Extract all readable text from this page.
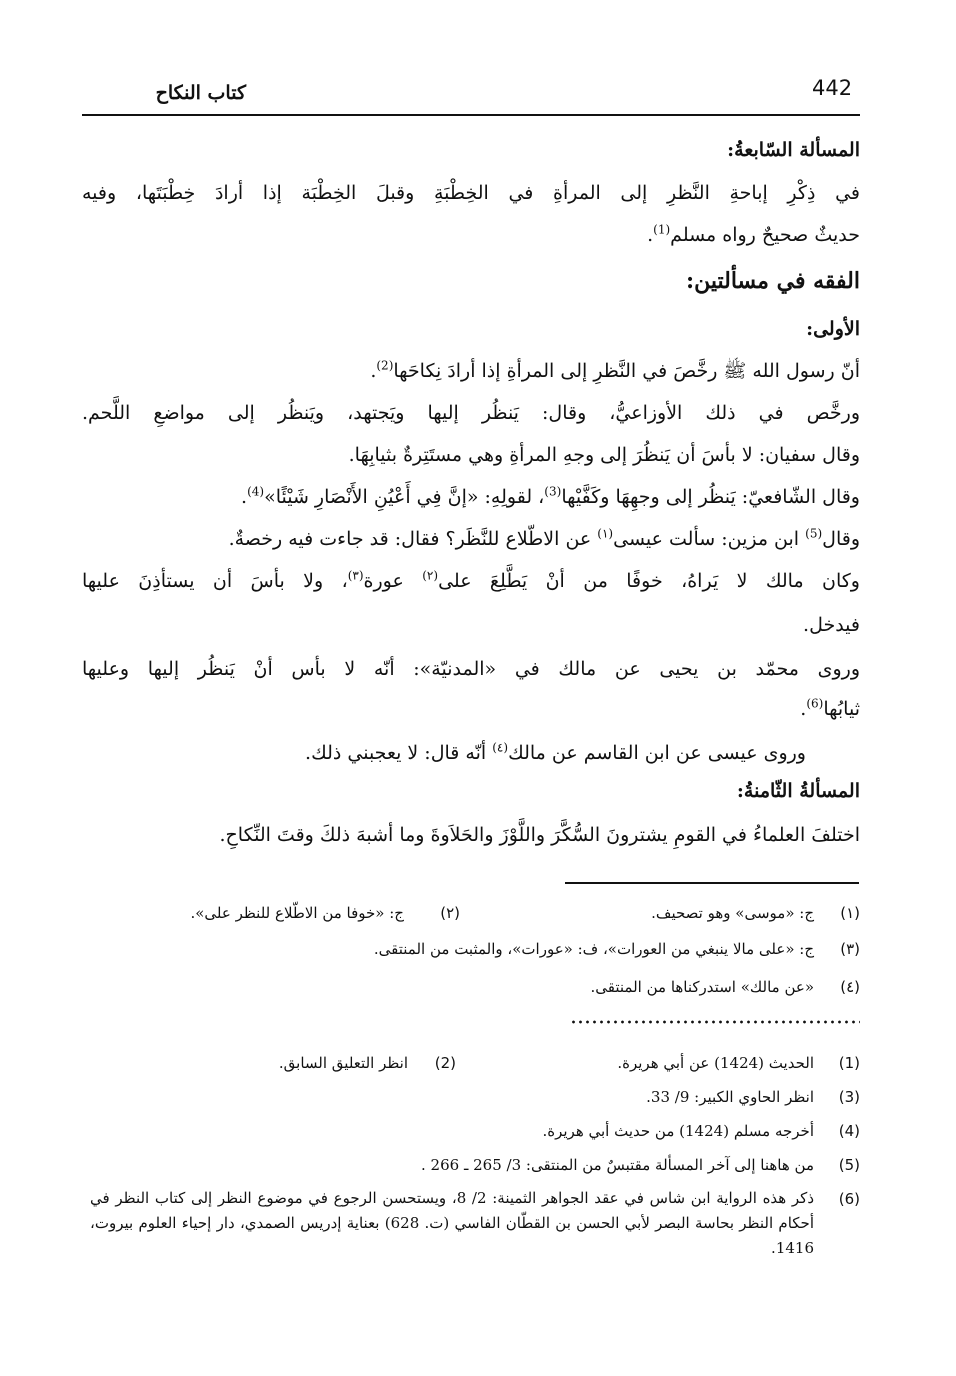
442
كتاب النكاح
المسألة السّابعةُ:
في ذِكْرِ إباحةِ النَّظرِ إلى المرأةِ في الخِطْبَةِ وقبلَ الخِطْبَة إذا أرادَ خِطْبَتَها، وفيه
حديثٌ صحيحٌ رواه مسلم$^{(1)}$.
الفقه في مسألتين:
الأولى:
أنّ رسول الله ﷺ رخَّصَ في النَّظرِ إلى المرأةِ إذا أرادَ نِكاحَها$^{(2)}$.
ورخَّص في ذلك الأوزاعيُّ، وقال: يَنظُر إليها ويَجتهد، ويَنظُر إلى مواضعِ اللَّحم.
وقال سفيان: لا بأسَ أن يَنظُرَ إلى وجهِ المرأةِ وهي مستَتِرةٌ بثيابِهَا.
وقال الشّافعيّ: يَنظُر إلى وجهِهَا وكَفَّيْها$^{(3)}$، لقولِهِ: «إنَّ فِي أَعْيُنِ الأَنْصَارِ شَيْئًا»$^{(4)}$.
وقال$^{(5)}$ ابن مزين: سألت عيسى$^{(١)}$ عن الاطّلاع للنَّظَر؟ فقال: قد جاءت فيه رخصةٌ.
وكان مالك لا يَراهُ، خوفًا من أنْ يَطَّلِعَ على$^{(٢)}$ عورة$^{(٣)}$، ولا بأسَ أن يستأذِنَ عليها
فيدخل.
وروى محمّد بن يحيى عن مالك في «المدنيّة»: أنّه لا بأس أنْ يَنظُر إليها وعليها
ثيابُها$^{(6)}$.
وروى عيسى عن ابن القاسم عن مالك$^{(٤)}$ أنّه قال: لا يعجبني ذلك.
المسألةُ الثّامنةُ:
اختلفَ العلماءُ في القومِ يشترونَ السُّكَّرَ واللَّوْزَ والحَلاَوةَ وما أشبهَ ذلكَ وقتَ النِّكاحِ.
(١)
ج: «موسى» وهو تصحيف.
(٢)
ج: «خوفا من الاطّلاع للنظر على».
(٣)
ج: «على مالا ينبغي من العورات»، ف: «عورات»، والمثبت من المنتقى.
(٤)
«عن مالك» استدركناها من المنتقى.
(1)
الحديث (1424) عن أبي هريرة.
(2)
انظر التعليق السابق.
(3)
انظر الحاوي الكبير: 9/ 33.
(4)
أخرجه مسلم (1424) من حديث أبي هريرة.
(5)
من هاهنا إلى آخر المسألة مقتبسٌ من المنتقى: 3/ 265 ـ 266 .
(6)
ذكر هذه الرواية ابن شاس في عقد الجواهر الثمينة: 2/ 8، ويستحسن الرجوع في موضوع النظر إلى كتاب النظر في أحكام النظر بحاسة البصر لأبي الحسن بن القطّان الفاسي (ت. 628) بعناية إدريس الصمدي، دار إحياء العلوم بيروت، 1416.
